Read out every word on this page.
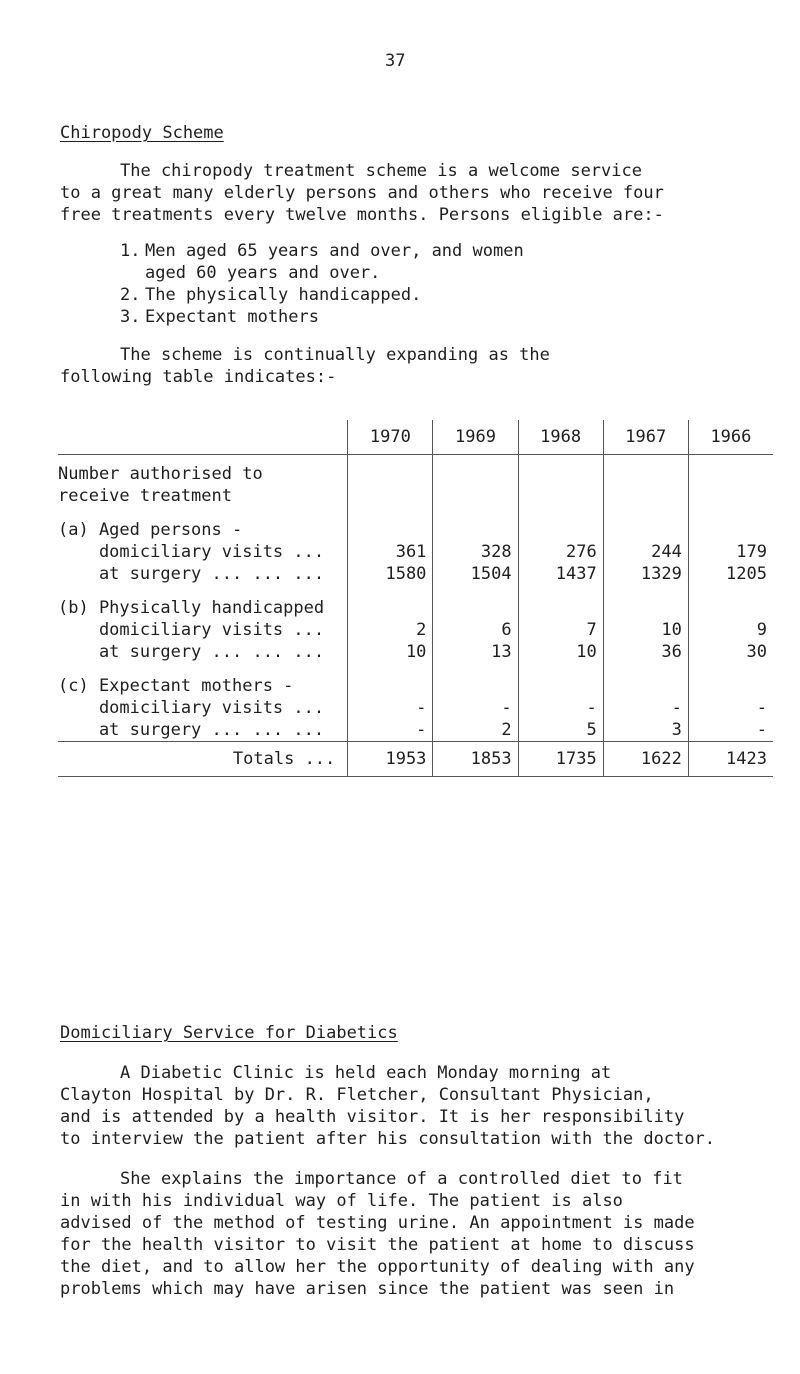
37
Chiropody Scheme
The chiropody treatment scheme is a welcome service
to a great many elderly persons and others who receive four
free treatments every twelve months. Persons eligible are:-
1. Men aged 65 years and over, and women
aged 60 years and over.
2. The physically handicapped.
3. Expectant mothers
The scheme is continually expanding as the
following table indicates:-
	1970	1969	1968	1967	1966
Number authorised to					
receive treatment					

(a) Aged persons -					
domiciliary visits ...	361	328	276	244	179
at surgery ... ... ...	1580	1504	1437	1329	1205

(b) Physically handicapped					
domiciliary visits ...	2	6	7	10	9
at surgery ... ... ...	10	13	10	36	30

(c) Expectant mothers -					
domiciliary visits ...	-	-	-	-	-
at surgery ... ... ...	-	2	5	3	-
Totals ...	1953	1853	1735	1622	1423
Domiciliary Service for Diabetics
A Diabetic Clinic is held each Monday morning at
Clayton Hospital by Dr. R. Fletcher, Consultant Physician,
and is attended by a health visitor. It is her responsibility
to interview the patient after his consultation with the doctor.
She explains the importance of a controlled diet to fit
in with his individual way of life. The patient is also
advised of the method of testing urine. An appointment is made
for the health visitor to visit the patient at home to discuss
the diet, and to allow her the opportunity of dealing with any
problems which may have arisen since the patient was seen in
